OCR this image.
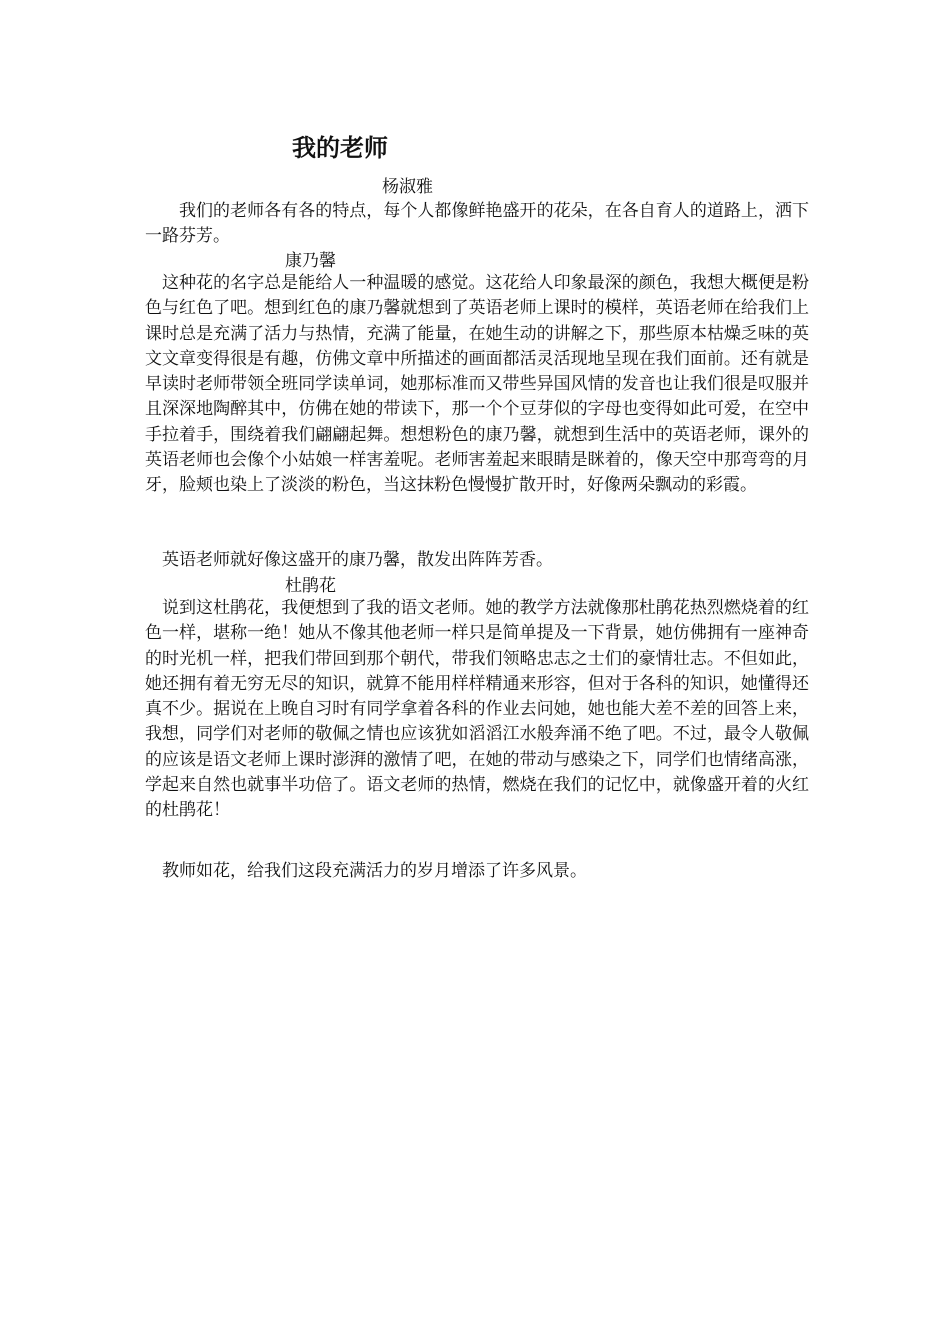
我的老师
杨淑雅

我们的老师各有各的特点，每个人都像鲜艳盛开的花朵，在各自育人的道路上，洒下一路芬芳。

康乃馨

这种花的名字总是能给人一种温暖的感觉。这花给人印象最深的颜色，我想大概便是粉色与红色了吧。想到红色的康乃馨就想到了英语老师上课时的模样，英语老师在给我们上课时总是充满了活力与热情，充满了能量，在她生动的讲解之下，那些原本枯燥乏味的英文文章变得很是有趣，仿佛文章中所描述的画面都活灵活现地呈现在我们面前。还有就是早读时老师带领全班同学读单词，她那标准而又带些异国风情的发音也让我们很是叹服并且深深地陶醉其中，仿佛在她的带读下，那一个个豆芽似的字母也变得如此可爱，在空中手拉着手，围绕着我们翩翩起舞。想想粉色的康乃馨，就想到生活中的英语老师，课外的英语老师也会像个小姑娘一样害羞呢。老师害羞起来眼睛是眯着的，像天空中那弯弯的月牙，脸颊也染上了淡淡的粉色，当这抹粉色慢慢扩散开时，好像两朵飘动的彩霞。

英语老师就好像这盛开的康乃馨，散发出阵阵芳香。

杜鹃花

说到这杜鹃花，我便想到了我的语文老师。她的教学方法就像那杜鹃花热烈燃烧着的红色一样，堪称一绝！她从不像其他老师一样只是简单提及一下背景，她仿佛拥有一座神奇的时光机一样，把我们带回到那个朝代，带我们领略忠志之士们的豪情壮志。不但如此，她还拥有着无穷无尽的知识，就算不能用样样精通来形容，但对于各科的知识，她懂得还真不少。据说在上晚自习时有同学拿着各科的作业去问她，她也能大差不差的回答上来，我想，同学们对老师的敬佩之情也应该犹如滔滔江水般奔涌不绝了吧。不过，最令人敬佩的应该是语文老师上课时澎湃的激情了吧，在她的带动与感染之下，同学们也情绪高涨，学起来自然也就事半功倍了。语文老师的热情，燃烧在我们的记忆中，就像盛开着的火红的杜鹃花！

教师如花，给我们这段充满活力的岁月增添了许多风景。
